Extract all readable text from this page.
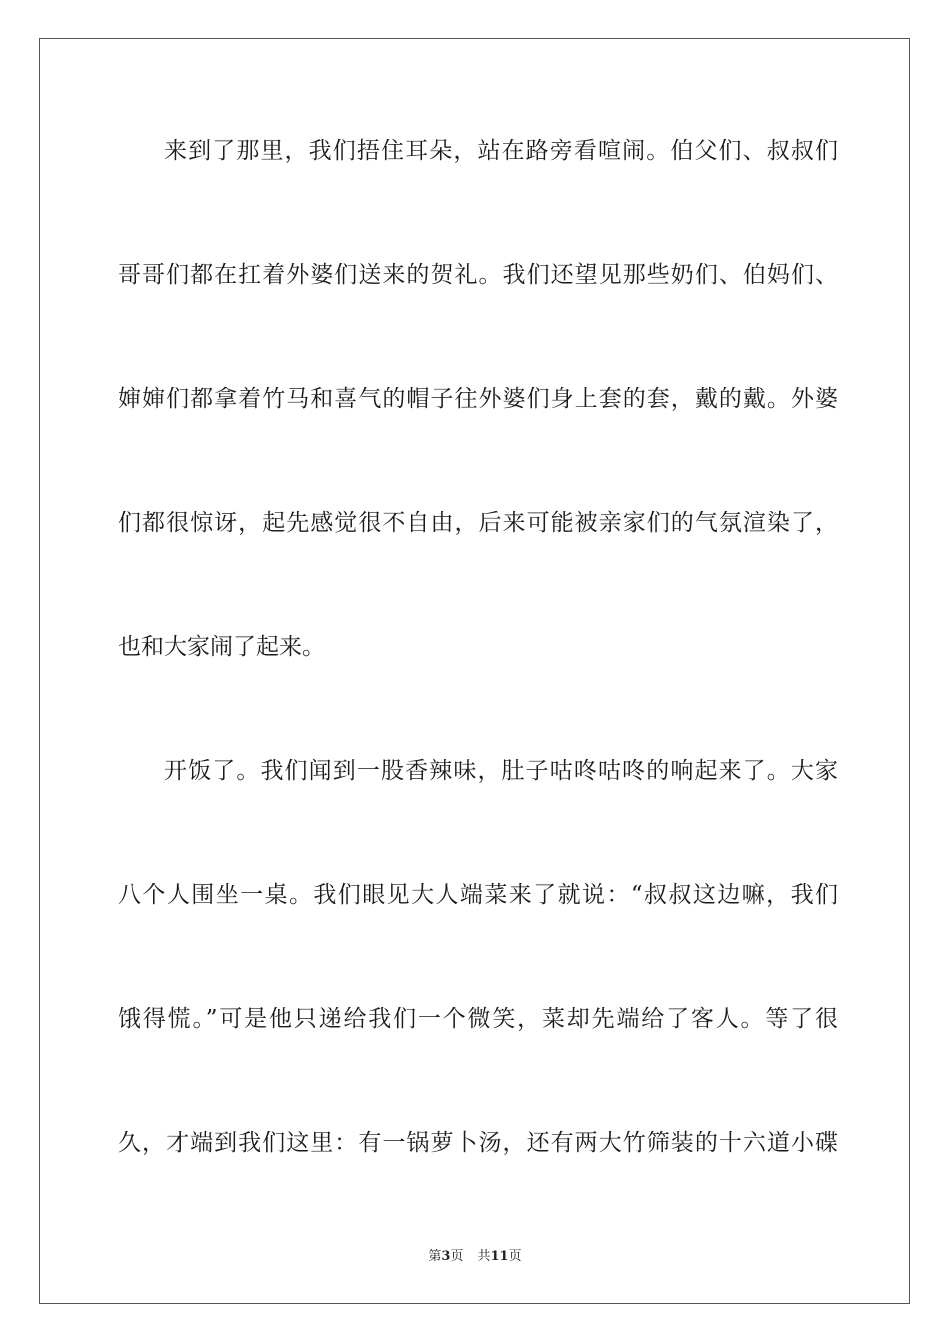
来到了那里，我们捂住耳朵，站在路旁看喧闹。伯父们、叔叔们
哥哥们都在扛着外婆们送来的贺礼。我们还望见那些奶们、伯妈们、
婶婶们都拿着竹马和喜气的帽子往外婆们身上套的套，戴的戴。外婆
们都很惊讶，起先感觉很不自由，后来可能被亲家们的气氛渲染了，
也和大家闹了起来。
开饭了。我们闻到一股香辣味，肚子咕咚咕咚的响起来了。大家
八个人围坐一桌。我们眼见大人端菜来了就说：“叔叔这边嘛，我们
饿得慌。”可是他只递给我们一个微笑，菜却先端给了客人。等了很
久，才端到我们这里：有一锅萝卜汤，还有两大竹筛装的十六道小碟
第3页 共11页
